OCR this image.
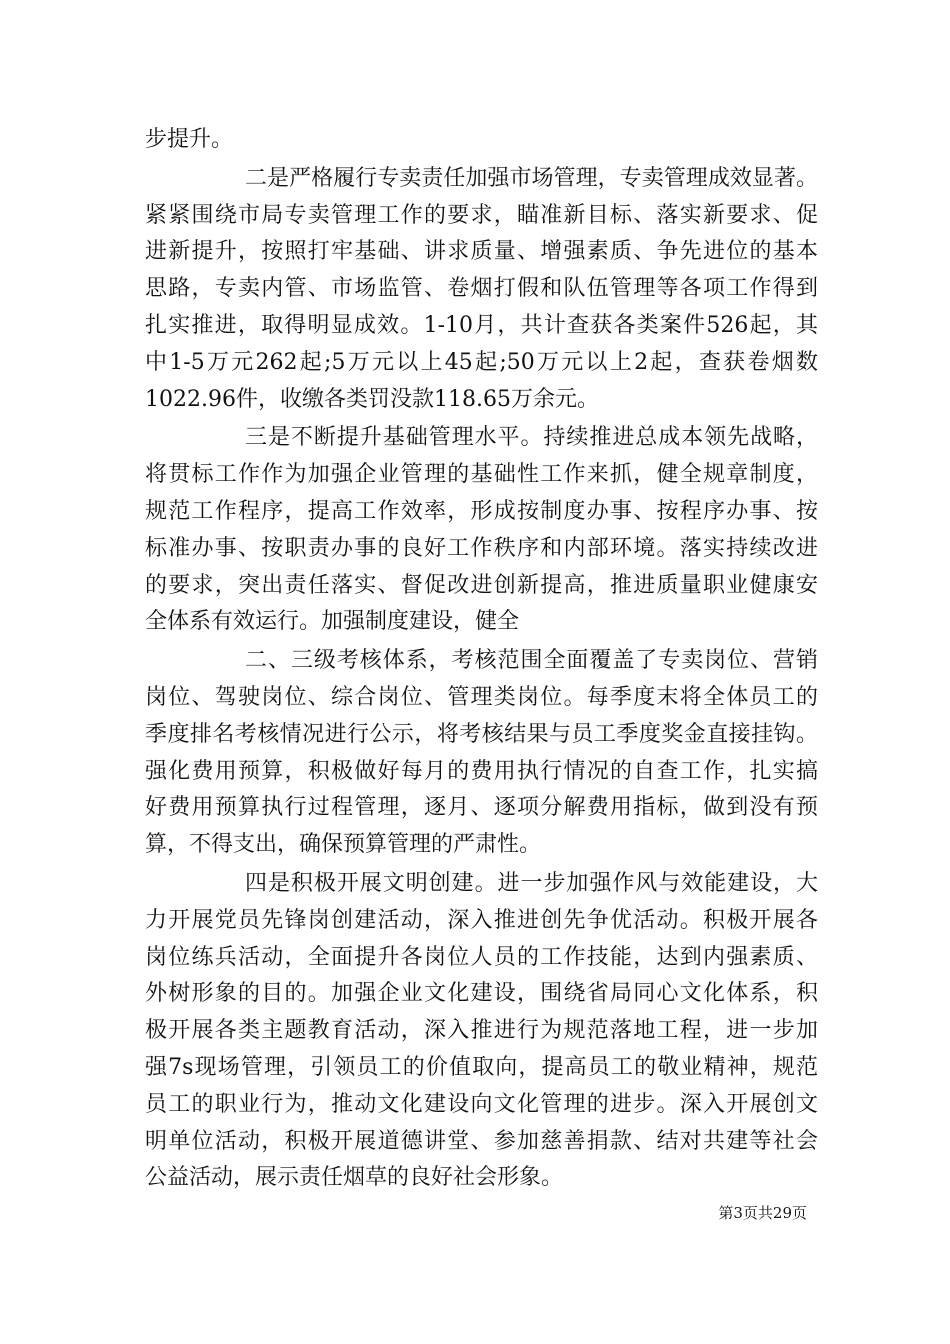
步提升。
二是严格履行专卖责任加强市场管理，专卖管理成效显著。
紧紧围绕市局专卖管理工作的要求，瞄准新目标、落实新要求、促
进新提升，按照打牢基础、讲求质量、增强素质、争先进位的基本
思路，专卖内管、市场监管、卷烟打假和队伍管理等各项工作得到
扎实推进，取得明显成效。1-10月，共计查获各类案件526起，其
中1-5万元262起;5万元以上45起;50万元以上2起，查获卷烟数
1022.96件，收缴各类罚没款118.65万余元。
三是不断提升基础管理水平。持续推进总成本领先战略，
将贯标工作作为加强企业管理的基础性工作来抓，健全规章制度，
规范工作程序，提高工作效率，形成按制度办事、按程序办事、按
标准办事、按职责办事的良好工作秩序和内部环境。落实持续改进
的要求，突出责任落实、督促改进创新提高，推进质量职业健康安
全体系有效运行。加强制度建设，健全
二、三级考核体系，考核范围全面覆盖了专卖岗位、营销
岗位、驾驶岗位、综合岗位、管理类岗位。每季度末将全体员工的
季度排名考核情况进行公示，将考核结果与员工季度奖金直接挂钩。
强化费用预算，积极做好每月的费用执行情况的自查工作，扎实搞
好费用预算执行过程管理，逐月、逐项分解费用指标，做到没有预
算，不得支出，确保预算管理的严肃性。
四是积极开展文明创建。进一步加强作风与效能建设，大
力开展党员先锋岗创建活动，深入推进创先争优活动。积极开展各
岗位练兵活动，全面提升各岗位人员的工作技能，达到内强素质、
外树形象的目的。加强企业文化建设，围绕省局同心文化体系，积
极开展各类主题教育活动，深入推进行为规范落地工程，进一步加
强7s现场管理，引领员工的价值取向，提高员工的敬业精神，规范
员工的职业行为，推动文化建设向文化管理的进步。深入开展创文
明单位活动，积极开展道德讲堂、参加慈善捐款、结对共建等社会
公益活动，展示责任烟草的良好社会形象。
第3页共29页
